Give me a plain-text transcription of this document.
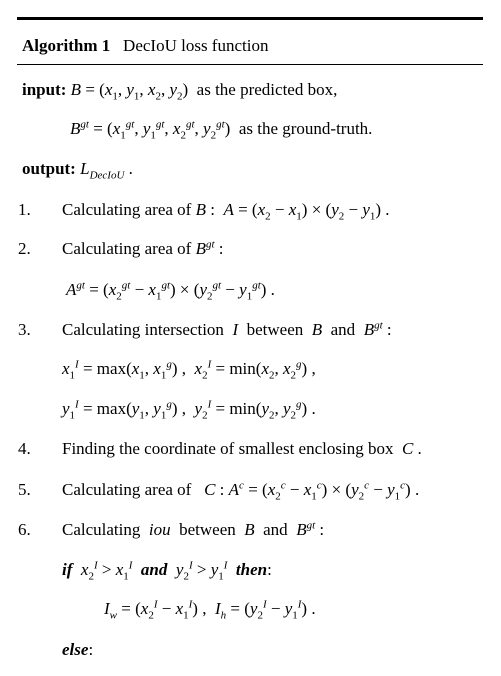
Algorithm 1 DecIoU loss function
input: $B = (x_1$, $y_1$, $x_2$, $y_2$)  as the predicted box,
$B^{gt} = (x_1^{gt}$, $y_1^{gt}$, $x_2^{gt}$, $y_2^{gt}$)  as the ground-truth.
output: $L_{DecIoU}$ .
1. Calculating area of B :  $A = (x_2 - x_1) \times (y_2 - y_1)$ .
2. Calculating area of $B^{gt}$ :
$A^{gt} = (x_2^{gt} - x_1^{gt}) \times (y_2^{gt} - y_1^{gt})$ .
3. Calculating intersection I  between  B  and  $B^{gt}$ :
$x_1^I = \max(x_1$, $x_1^g$) ,  $x_2^I = \min(x_2$, $x_2^g$) ,
$y_1^I = \max(y_1$, $y_1^g$) ,  $y_2^I = \min(y_2$, $y_2^g$) .
4. Finding the coordinate of smallest enclosing box C .
5. Calculating area of C : $A^c = (x_2^c - x_1^c) \times (y_2^c - y_1^c)$ .
6. Calculating iou  between  B  and  $B^{gt}$ :
if $x_2^I > x_1^I$ and $y_2^I > y_1^I$ then:
$I_w = (x_2^I - x_1^I)$ ,  $I_h = (y_2^I - y_1^I)$ .
else:
